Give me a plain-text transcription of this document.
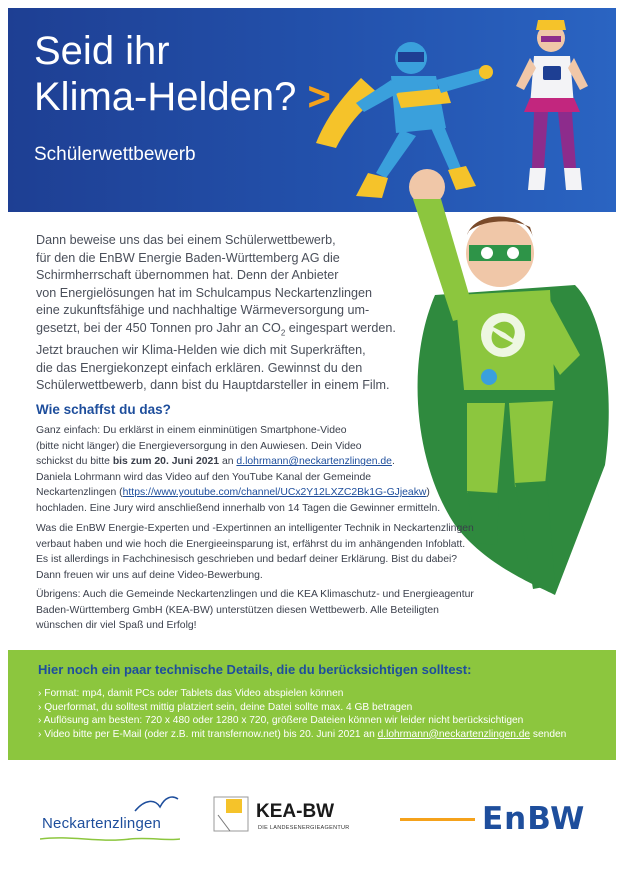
Seid ihr
Klima-Helden? >
Schülerwettbewerb
Dann beweise uns das bei einem Schülerwettbewerb,
für den die EnBW Energie Baden-Württemberg AG die
Schirmherrschaft übernommen hat. Denn der Anbieter
von Energielösungen hat im Schulcampus Neckartenzlingen
eine zukunftsfähige und nachhaltige Wärmeversorgung um-
gesetzt, bei der 450 Tonnen pro Jahr an $CO_2$ eingespart werden.
Jetzt brauchen wir Klima-Helden wie dich mit Superkräften,
die das Energiekonzept einfach erklären. Gewinnst du den
Schülerwettbewerb, dann bist du Hauptdarsteller in einem Film.
Wie schaffst du das?
Ganz einfach: Du erklärst in einem einminütigen Smartphone-Video
(bitte nicht länger) die Energieversorgung in den Auwiesen. Dein Video
schickst du bitte bis zum 20. Juni 2021 an d.lohrmann@neckartenzlingen.de.
Daniela Lohrmann wird das Video auf den YouTube Kanal der Gemeinde
Neckartenzlingen (https://www.youtube.com/channel/UCx2Y12LXZC2Bk1G-GJjeakw)
hochladen. Eine Jury wird anschließend innerhalb von 14 Tagen die Gewinner ermitteln.
Was die EnBW Energie-Experten und -Expertinnen an intelligenter Technik in Neckartenzlingen
verbaut haben und wie hoch die Energieeinsparung ist, erfährst du im anhängenden Infoblatt.
Es ist allerdings in Fachchinesisch geschrieben und bedarf deiner Erklärung. Bist du dabei?
Dann freuen wir uns auf deine Video-Bewerbung.
Übrigens: Auch die Gemeinde Neckartenzlingen und die KEA Klimaschutz- und Energieagentur
Baden-Württemberg GmbH (KEA-BW) unterstützen diesen Wettbewerb. Alle Beteiligten
wünschen dir viel Spaß und Erfolg!
Hier noch ein paar technische Details, die du berücksichtigen solltest:
› Format: mp4, damit PCs oder Tablets das Video abspielen können
› Querformat, du solltest mittig platziert sein, deine Datei sollte max. 4 GB betragen
› Auflösung am besten: 720 x 480 oder 1280 x 720, größere Dateien können wir leider nicht berücksichtigen
› Video bitte per E-Mail (oder z.B. mit transfernow.net) bis 20. Juni 2021 an d.lohrmann@neckartenzlingen.de senden
Neckartenzlingen
KEA-BW
DIE LANDESENERGIEAGENTUR	EnBW
